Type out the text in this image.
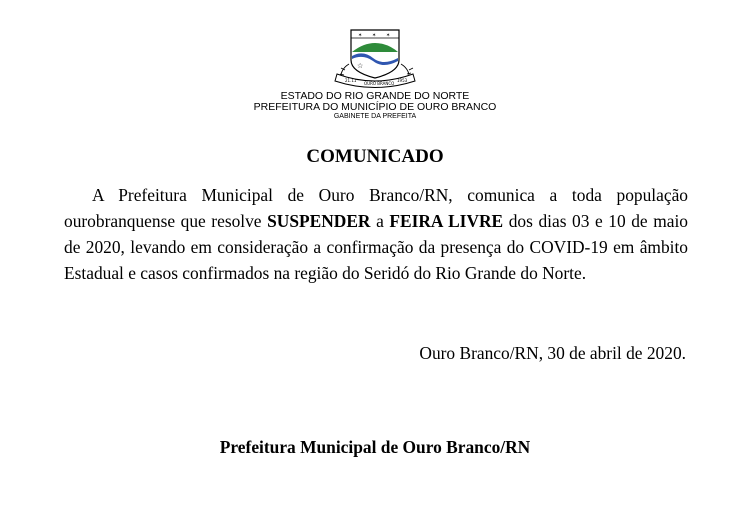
✶ ✶ ✶
☆
21.11
OURO BRANCO
1953
ESTADO DO RIO GRANDE DO NORTE
PREFEITURA DO MUNICÍPIO DE OURO BRANCO
GABINETE DA PREFEITA
COMUNICADO

A Prefeitura Municipal de Ouro Branco/RN, comunica a toda população ourobranquense que resolve SUSPENDER a FEIRA LIVRE dos dias 03 e 10 de maio de 2020, levando em consideração a confirmação da presença do COVID-19 em âmbito Estadual e casos confirmados na região do Seridó do Rio Grande do Norte.

Ouro Branco/RN, 30 de abril de 2020.
Prefeitura Municipal de Ouro Branco/RN
